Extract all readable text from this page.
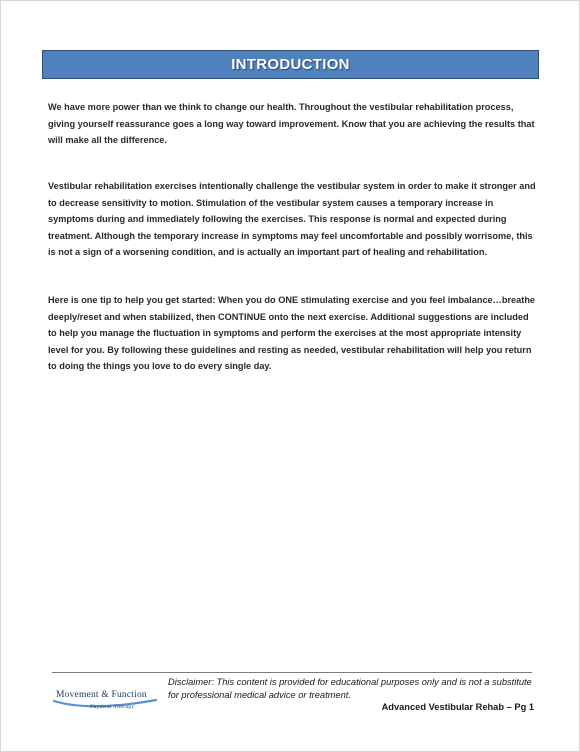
INTRODUCTION

We have more power than we think to change our health. Throughout the vestibular rehabilitation process, giving yourself reassurance goes a long way toward improvement. Know that you are achieving the results that will make all the difference.

Vestibular rehabilitation exercises intentionally challenge the vestibular system in order to make it stronger and to decrease sensitivity to motion. Stimulation of the vestibular system causes a temporary increase in symptoms during and immediately following the exercises. This response is normal and expected during treatment. Although the temporary increase in symptoms may feel uncomfortable and possibly worrisome, this is not a sign of a worsening condition, and is actually an important part of healing and rehabilitation.

Here is one tip to help you get started: When you do ONE stimulating exercise and you feel imbalance…breathe deeply/reset and when stabilized, then CONTINUE onto the next exercise. Additional suggestions are included to help you manage the fluctuation in symptoms and perform the exercises at the most appropriate intensity level for you. By following these guidelines and resting as needed, vestibular rehabilitation will help you return to doing the things you love to do every single day.

Movement & Function
Physical Therapy

Disclaimer: This content is provided for educational purposes only and is not a substitute for professional medical advice or treatment.

Advanced Vestibular Rehab – Pg 1
